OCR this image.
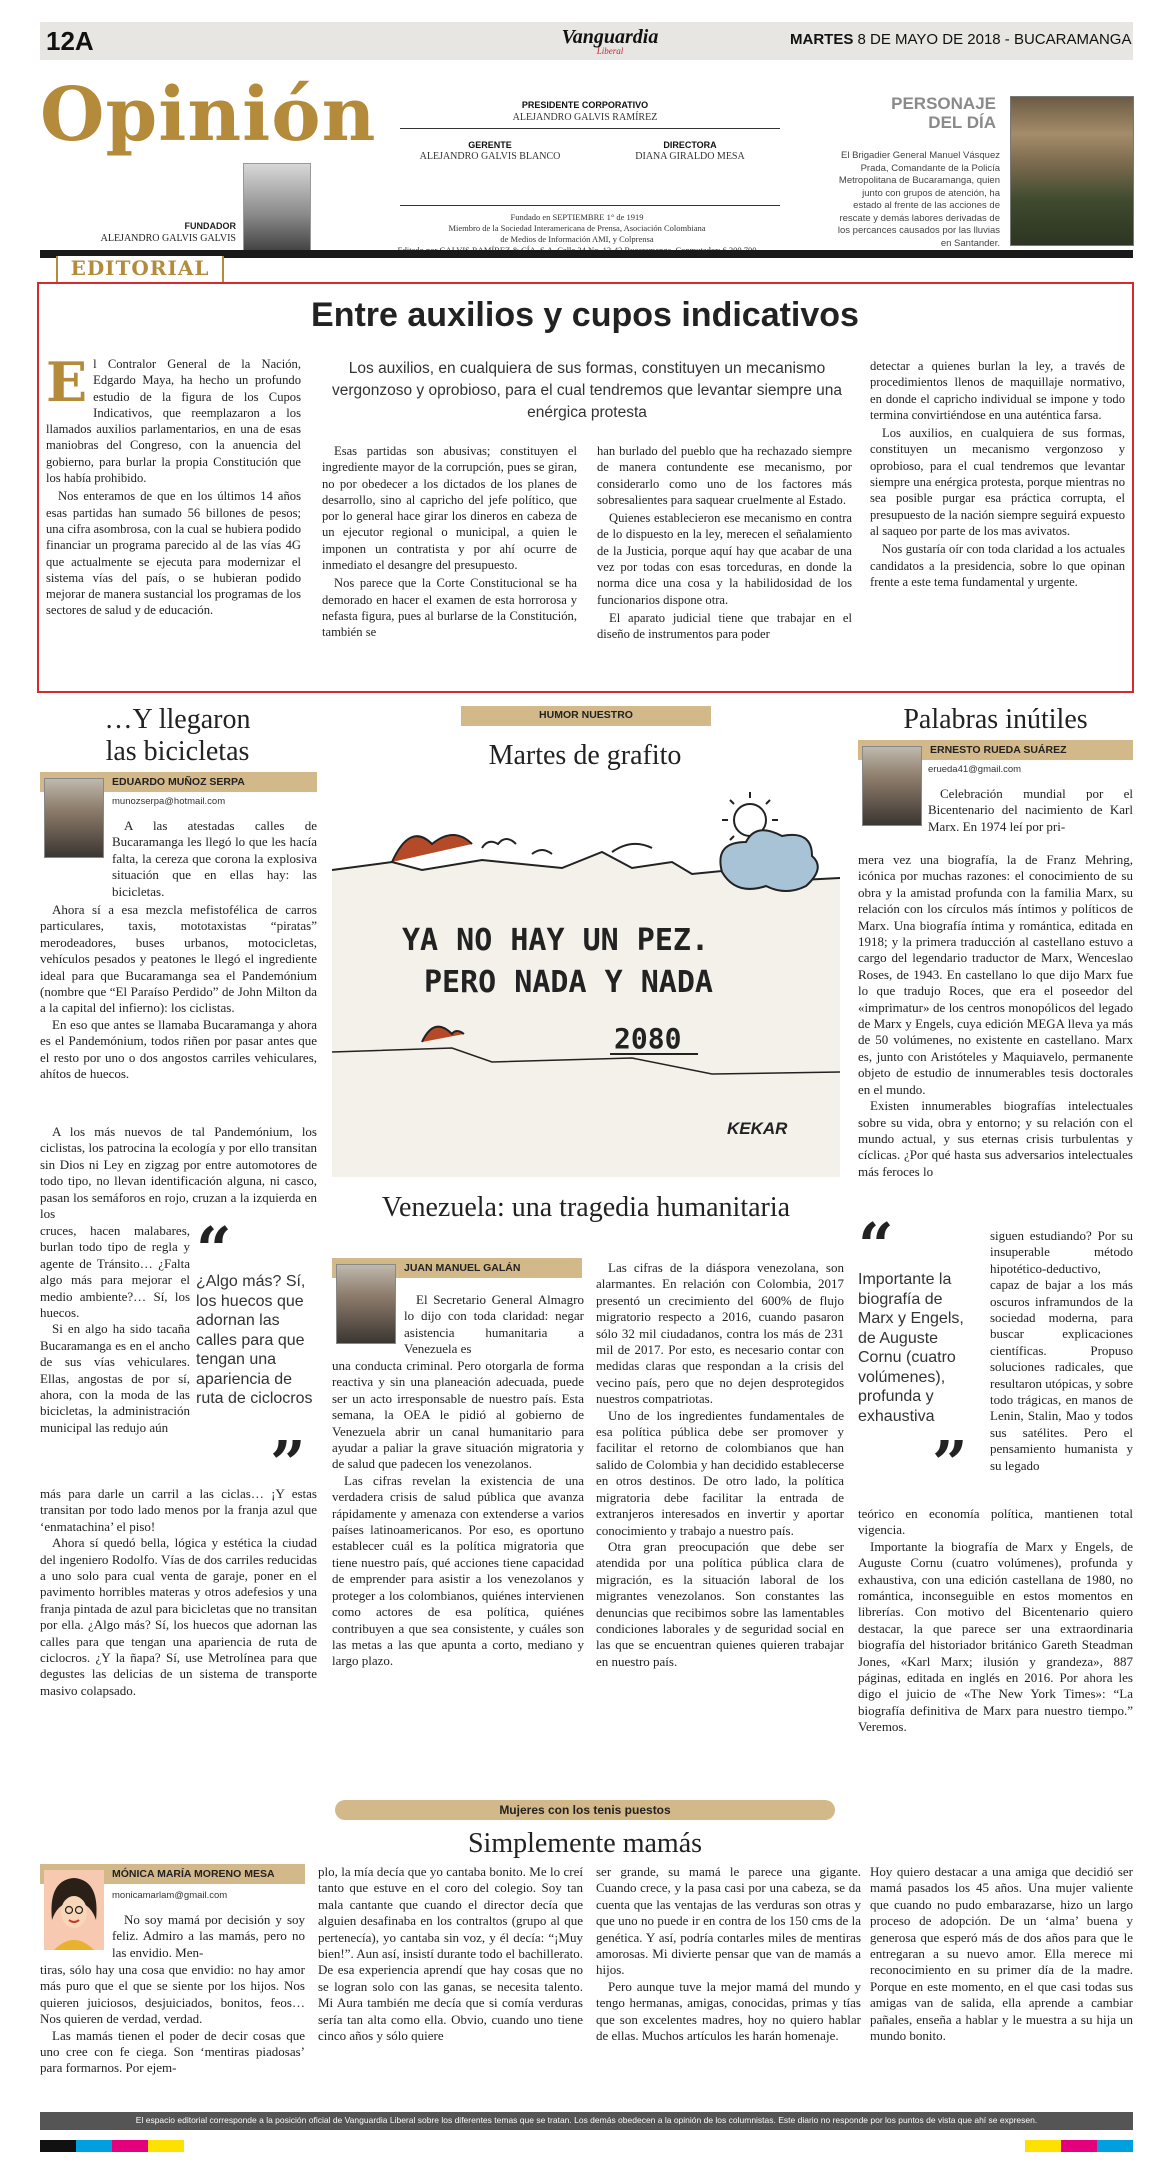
12A	Vanguardia
Liberal
MARTES 8 DE MAYO DE 2018 - BUCARAMANGA
Opinión
FUNDADOR
ALEJANDRO GALVIS GALVIS
PRESIDENTE CORPORATIVO
ALEJANDRO GALVIS RAMÍREZ
GERENTE
ALEJANDRO GALVIS BLANCO
DIRECTORA
DIANA GIRALDO MESA
Fundado en SEPTIEMBRE 1° de 1919
Miembro de la Sociedad Interamericana de Prensa, Asociación Colombiana
de Medios de Información AMI, y Colprensa
PERSONAJE
DEL DÍA
El Brigadier General Manuel Vásquez Prada, Comandante de la Policía Metropolitana de Bucaramanga, quien junto con grupos de atención, ha estado al frente de las acciones de rescate y demás labores derivadas de los percances causados por las lluvias en Santander.
EDITORIAL
Entre auxilios y cupos indicativos

El Contralor General de la Nación, Edgardo Maya, ha hecho un profundo estudio de la figura de los Cupos Indicativos, que reemplazaron a los llamados auxilios parlamentarios, en una de esas maniobras del Congreso, con la anuencia del gobierno, para burlar la propia Constitución que los había prohibido.

Nos enteramos de que en los últimos 14 años esas partidas han sumado 56 billones de pesos; una cifra asombrosa, con la cual se hubiera podido financiar un programa parecido al de las vías 4G que actualmente se ejecuta para modernizar el sistema vías del país, o se hubieran podido mejorar de manera sustancial los programas de los sectores de salud y de educación.

Los auxilios, en cualquiera de sus formas, constituyen un mecanismo vergonzoso y oprobioso, para el cual tendremos que levantar siempre una enérgica protesta

Esas partidas son abusivas; constituyen el ingrediente mayor de la corrupción, pues se giran, no por obedecer a los dictados de los planes de desarrollo, sino al capricho del jefe político, que por lo general hace girar los dineros en cabeza de un ejecutor regional o municipal, a quien le imponen un contratista y por ahí ocurre de inmediato el desangre del presupuesto.

Nos parece que la Corte Constitucional se ha demorado en hacer el examen de esta horrorosa y nefasta figura, pues al burlarse de la Constitución, también se

han burlado del pueblo que ha rechazado siempre de manera contundente ese mecanismo, por considerarlo como uno de los factores más sobresalientes para saquear cruelmente al Estado.

Quienes establecieron ese mecanismo en contra de lo dispuesto en la ley, merecen el señalamiento de la Justicia, porque aquí hay que acabar de una vez por todas con esas torceduras, en donde la norma dice una cosa y la habilidosidad de los funcionarios dispone otra.

El aparato judicial tiene que trabajar en el diseño de instrumentos para poder

detectar a quienes burlan la ley, a través de procedimientos llenos de maquillaje normativo, en donde el capricho individual se impone y todo termina convirtiéndose en una auténtica farsa.

Los auxilios, en cualquiera de sus formas, constituyen un mecanismo vergonzoso y oprobioso, para el cual tendremos que levantar siempre una enérgica protesta, porque mientras no sea posible purgar esa práctica corrupta, el presupuesto de la nación siempre seguirá expuesto al saqueo por parte de los mas avivatos.

Nos gustaría oír con toda claridad a los actuales candidatos a la presidencia, sobre lo que opinan frente a este tema fundamental y urgente.

…Y llegaron
las bicicletas
EDUARDO MUÑOZ SERPA
munozserpa@hotmail.com

A las atestadas calles de Bucaramanga les llegó lo que les hacía falta, la cereza que corona la explosiva situación que en ellas hay: las bicicletas.

Ahora sí a esa mezcla mefistofélica de carros particulares, taxis, mototaxistas “piratas” merodeadores, buses urbanos, motocicletas, vehículos pesados y peatones le llegó el ingrediente ideal para que Bucaramanga sea el Pandemónium (nombre que “El Paraíso Perdido” de John Milton da a la capital del infierno): los ciclistas.

En eso que antes se llamaba Bucaramanga y ahora es el Pandemónium, todos riñen por pasar antes que el resto por uno o dos angostos carriles vehiculares, ahítos de huecos.

A los más nuevos de tal Pandemónium, los ciclistas, los patrocina la ecología y por ello transitan sin Dios ni Ley en zigzag por entre automotores de todo tipo, no llevan identificación alguna, ni casco, pasan los semáforos en rojo, cruzan a la izquierda en los

cruces, hacen malabares, burlan todo tipo de regla y agente de Tránsito… ¿Falta algo más para mejorar el medio ambiente?… Sí, los huecos.

Si en algo ha sido tacaña Bucaramanga es en el ancho de sus vías vehiculares. Ellas, angostas de por sí, ahora, con la moda de las bicicletas, la administración municipal las redujo aún

“
¿Algo más? Sí, los huecos que adornan las calles para que tengan una apariencia de ruta de ciclocros
”

más para darle un carril a las ciclas… ¡Y estas transitan por todo lado menos por la franja azul que ‘enmatachina’ el piso!

Ahora sí quedó bella, lógica y estética la ciudad del ingeniero Rodolfo. Vías de dos carriles reducidas a uno solo para cual venta de garaje, poner en el pavimento horribles materas y otros adefesios y una franja pintada de azul para bicicletas que no transitan por ella. ¿Algo más? Sí, los huecos que adornan las calles para que tengan una apariencia de ruta de ciclocros. ¿Y la ñapa? Sí, use Metrolínea para que degustes las delicias de un sistema de transporte masivo colapsado.

HUMOR NUESTRO
Martes de grafito
YA NO HAY UN PEZ.
PERO NADA Y NADA
2080
KEKAR
Venezuela: una tragedia humanitaria
JUAN MANUEL GALÁN

El Secretario General Almagro lo dijo con toda claridad: negar asistencia humanitaria a Venezuela es

una conducta criminal. Pero otorgarla de forma reactiva y sin una planeación adecuada, puede ser un acto irresponsable de nuestro país. Esta semana, la OEA le pidió al gobierno de Venezuela abrir un canal humanitario para ayudar a paliar la grave situación migratoria y de salud que padecen los venezolanos.

Las cifras revelan la existencia de una verdadera crisis de salud pública que avanza rápidamente y amenaza con extenderse a varios países latinoamericanos. Por eso, es oportuno establecer cuál es la política migratoria que tiene nuestro país, qué acciones tiene capacidad de emprender para asistir a los venezolanos y proteger a los colombianos, quiénes intervienen como actores de esa política, quiénes contribuyen a que sea consistente, y cuáles son las metas a las que apunta a corto, mediano y largo plazo.

Las cifras de la diáspora venezolana, son alarmantes. En relación con Colombia, 2017 presentó un crecimiento del 600% de flujo migratorio respecto a 2016, cuando pasaron sólo 32 mil ciudadanos, contra los más de 231 mil de 2017. Por esto, es necesario contar con medidas claras que respondan a la crisis del vecino país, pero que no dejen desprotegidos nuestros compatriotas.

Uno de los ingredientes fundamentales de esa política pública debe ser promover y facilitar el retorno de colombianos que han salido de Colombia y han decidido establecerse en otros destinos. De otro lado, la política migratoria debe facilitar la entrada de extranjeros interesados en invertir y aportar conocimiento y trabajo a nuestro país.

Otra gran preocupación que debe ser atendida por una política pública clara de migración, es la situación laboral de los migrantes venezolanos. Son constantes las denuncias que recibimos sobre las lamentables condiciones laborales y de seguridad social en las que se encuentran quienes quieren trabajar en nuestro país.

Palabras inútiles
ERNESTO RUEDA SUÁREZ
erueda41@gmail.com

Celebración mundial por el Bicentenario del nacimiento de Karl Marx. En 1974 leí por pri-

mera vez una biografía, la de Franz Mehring, icónica por muchas razones: el conocimiento de su obra y la amistad profunda con la familia Marx, su relación con los círculos más íntimos y políticos de Marx. Una biografía íntima y romántica, editada en 1918; y la primera traducción al castellano estuvo a cargo del legendario traductor de Marx, Wenceslao Roses, de 1943. En castellano lo que dijo Marx fue lo que tradujo Roces, que era el poseedor del «imprimatur» de los centros monopólicos del legado de Marx y Engels, cuya edición MEGA lleva ya más de 50 volúmenes, no existente en castellano. Marx es, junto con Aristóteles y Maquiavelo, permanente objeto de estudio de innumerables tesis doctorales en el mundo.

Existen innumerables biografías intelectuales sobre su vida, obra y entorno; y su relación con el mundo actual, y sus eternas crisis turbulentas y cíclicas. ¿Por qué hasta sus adversarios intelectuales más feroces lo

“
Importante la biografía de Marx y Engels, de Auguste Cornu (cuatro volúmenes), profunda y exhaustiva
”

siguen estudiando? Por su insuperable método hipotético-deductivo, capaz de bajar a los más oscuros inframundos de la sociedad moderna, para buscar explicaciones científicas. Propuso soluciones radicales, que resultaron utópicas, y sobre todo trágicas, en manos de Lenin, Stalin, Mao y todos sus satélites. Pero el pensamiento humanista y su legado

teórico en economía política, mantienen total vigencia.

Importante la biografía de Marx y Engels, de Auguste Cornu (cuatro volúmenes), profunda y exhaustiva, con una edición castellana de 1980, no romántica, inconseguible en estos momentos en librerías. Con motivo del Bicentenario quiero destacar, la que parece ser una extraordinaria biografía del historiador británico Gareth Steadman Jones, «Karl Marx; ilusión y grandeza», 887 páginas, editada en inglés en 2016. Por ahora les digo el juicio de «The New York Times»: “La biografía definitiva de Marx para nuestro tiempo.” Veremos.

Mujeres con los tenis puestos
Simplemente mamás
MÓNICA MARÍA MORENO MESA
monicamarlam@gmail.com

No soy mamá por decisión y soy feliz. Admiro a las mamás, pero no las envidio. Men-

tiras, sólo hay una cosa que envidio: no hay amor más puro que el que se siente por los hijos. Nos quieren juiciosos, desjuiciados, bonitos, feos… Nos quieren de verdad, verdad.

Las mamás tienen el poder de decir cosas que uno cree con fe ciega. Son ‘mentiras piadosas’ para formarnos. Por ejem-

plo, la mía decía que yo cantaba bonito. Me lo creí tanto que estuve en el coro del colegio. Soy tan mala cantante que cuando el director decía que alguien desafinaba en los contraltos (grupo al que pertenecía), yo cantaba sin voz, y él decía: “¡Muy bien!”. Aun así, insistí durante todo el bachillerato. De esa experiencia aprendí que hay cosas que no se logran solo con las ganas, se necesita talento. Mi Aura también me decía que si comía verduras sería tan alta como ella. Obvio, cuando uno tiene cinco años y sólo quiere

ser grande, su mamá le parece una gigante. Cuando crece, y la pasa casi por una cabeza, se da cuenta que las ventajas de las verduras son otras y que uno no puede ir en contra de los 150 cms de la genética. Y así, podría contarles miles de mentiras amorosas. Mi divierte pensar que van de mamás a hijos.

Pero aunque tuve la mejor mamá del mundo y tengo hermanas, amigas, conocidas, primas y tías que son excelentes madres, hoy no quiero hablar de ellas. Muchos artículos les harán homenaje.

Hoy quiero destacar a una amiga que decidió ser mamá pasados los 45 años. Una mujer valiente que cuando no pudo embarazarse, hizo un largo proceso de adopción. De un ‘alma’ buena y generosa que esperó más de dos años para que le entregaran a su nuevo amor. Ella merece mi reconocimiento en su primer día de la madre. Porque en este momento, en el que casi todas sus amigas van de salida, ella aprende a cambiar pañales, enseña a hablar y le muestra a su hija un mundo bonito.

El espacio editorial corresponde a la posición oficial de Vanguardia Liberal sobre los diferentes temas que se tratan. Los demás obedecen a la opinión de los columnistas. Este diario no responde por los puntos de vista que ahí se expresen.
